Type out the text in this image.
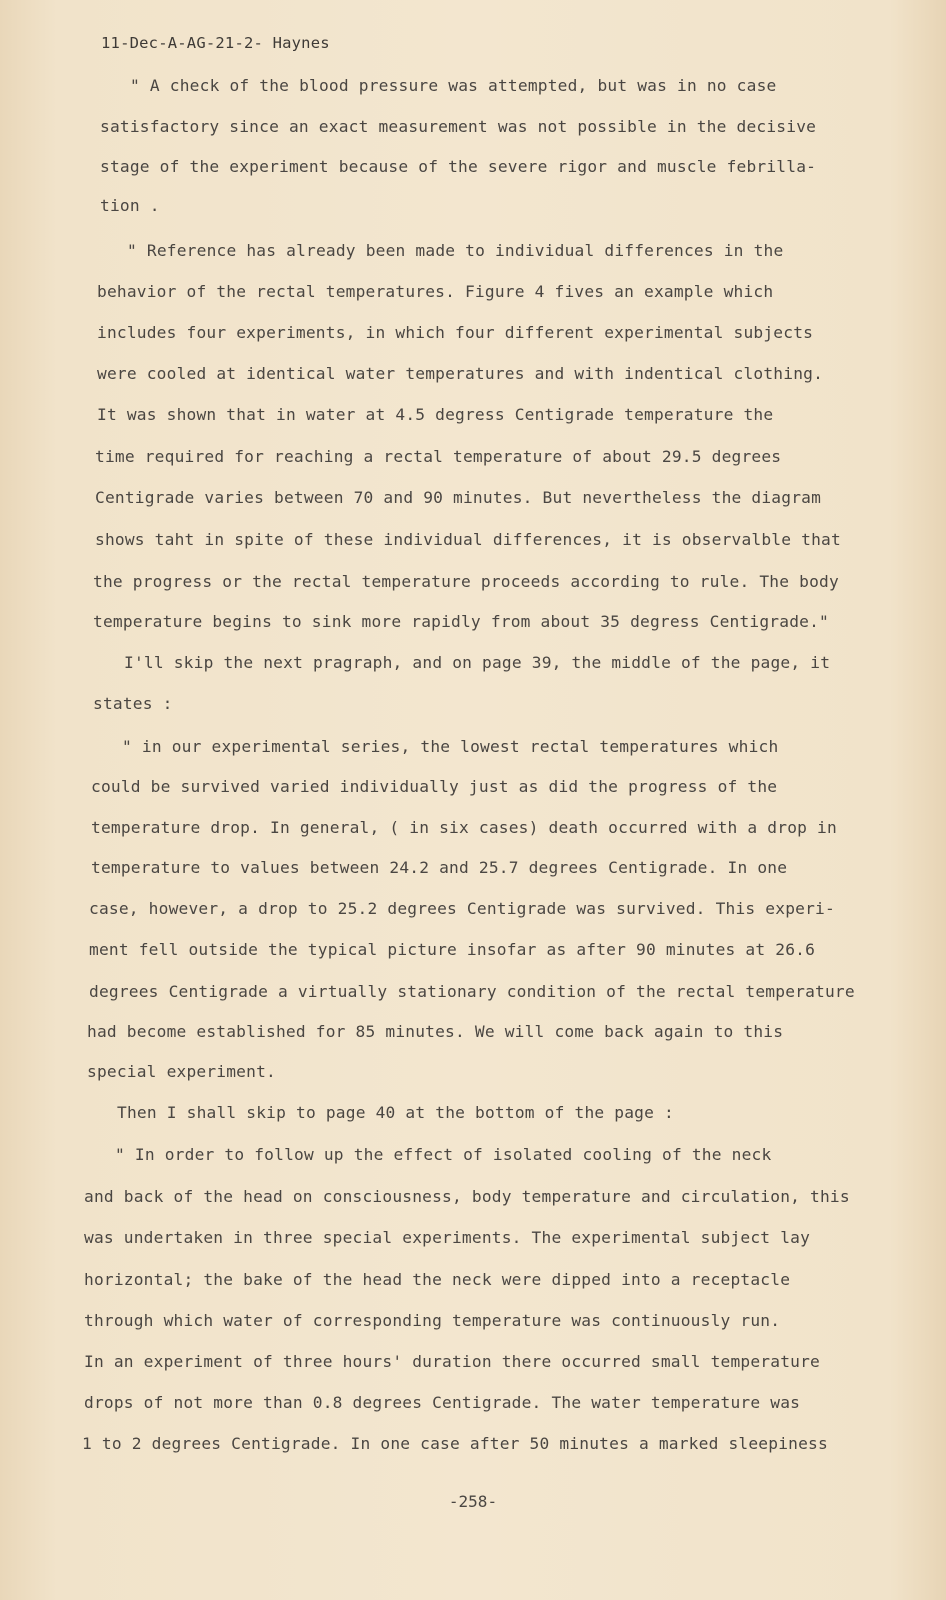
11-Dec-A-AG-21-2- Haynes
" A check of the blood pressure was attempted, but was in no case
satisfactory since an exact measurement was not possible in the decisive
stage of the experiment because of the severe rigor and muscle febrilla-
tion .
" Reference has already been made to individual differences in the
behavior of the rectal temperatures. Figure 4 fives an example which
includes four experiments, in which four different experimental subjects
were cooled at identical water temperatures and with indentical clothing.
It was shown that in water at 4.5 degress Centigrade temperature the
time required for reaching a rectal temperature of about 29.5 degrees
Centigrade varies between 70 and 90 minutes. But nevertheless the diagram
shows taht in spite of these individual differences, it is observalble that
the progress or the rectal temperature proceeds according to rule. The body
temperature begins to sink more rapidly from about 35 degress Centigrade."
I'll skip the next pragraph, and on page 39, the middle of the page, it
states :
" in our experimental series, the lowest rectal temperatures which
could be survived varied individually just as did the progress of the
temperature drop. In general, ( in six cases) death occurred with a drop in
temperature to values between 24.2 and 25.7 degrees Centigrade. In one
case, however, a drop to 25.2 degrees Centigrade was survived. This experi-
ment fell outside the typical picture insofar as after 90 minutes at 26.6
degrees Centigrade a virtually stationary condition of the rectal temperature
had become established for 85 minutes. We will come back again to this
special experiment.
Then I shall skip to page 40 at the bottom of the page :
" In order to follow up the effect of isolated cooling of the neck
and back of the head on consciousness, body temperature and circulation, this
was undertaken in three special experiments. The experimental subject lay
horizontal; the bake of the head the neck were dipped into a receptacle
through which water of corresponding temperature was continuously run.
In an experiment of three hours' duration there occurred small temperature
drops of not more than 0.8 degrees Centigrade. The water temperature was
1 to 2 degrees Centigrade. In one case after 50 minutes a marked sleepiness
-258-
